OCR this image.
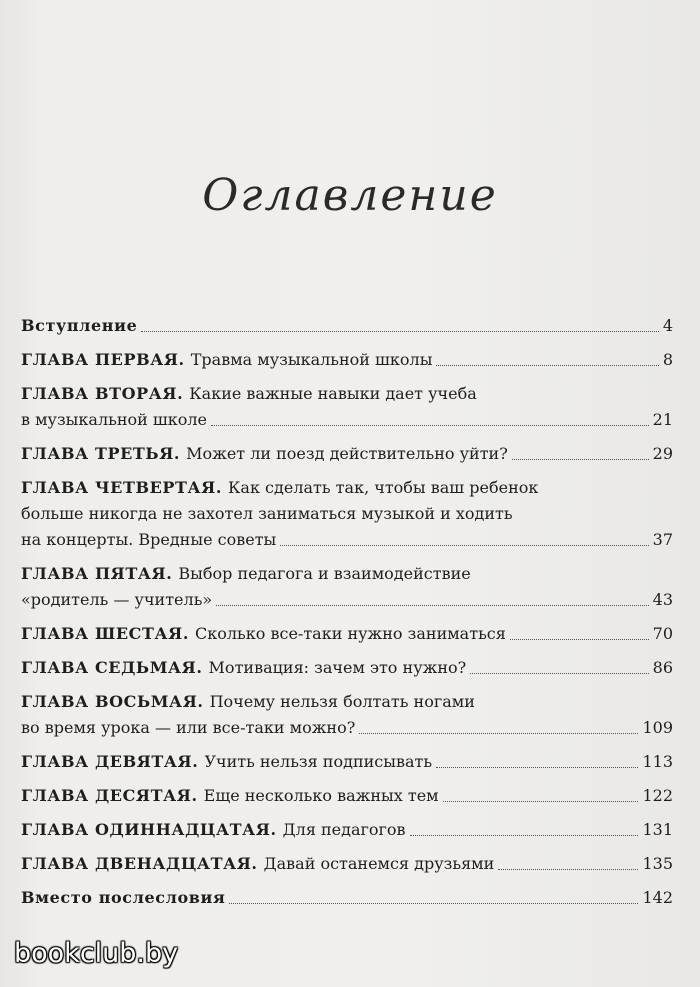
Оглавление
Вступление	4
ГЛАВА ПЕРВАЯ. Травма музыкальной школы	8
ГЛАВА ВТОРАЯ. Какие важные навыки дает учеба
в музыкальной школе	21
ГЛАВА ТРЕТЬЯ. Может ли поезд действительно уйти?	29
ГЛАВА ЧЕТВЕРТАЯ. Как сделать так, чтобы ваш ребенок
больше никогда не захотел заниматься музыкой и ходить
на концерты. Вредные советы	37
ГЛАВА ПЯТАЯ. Выбор педагога и взаимодействие
«родитель — учитель»	43
ГЛАВА ШЕСТАЯ. Сколько все-таки нужно заниматься	70
ГЛАВА СЕДЬМАЯ. Мотивация: зачем это нужно?	86
ГЛАВА ВОСЬМАЯ. Почему нельзя болтать ногами
во время урока — или все-таки можно?	109
ГЛАВА ДЕВЯТАЯ. Учить нельзя подписывать	113
ГЛАВА ДЕСЯТАЯ. Еще несколько важных тем	122
ГЛАВА ОДИННАДЦАТАЯ. Для педагогов	131
ГЛАВА ДВЕНАДЦАТАЯ. Давай останемся друзьями	135
Вместо послесловия	142
bookclub.by
